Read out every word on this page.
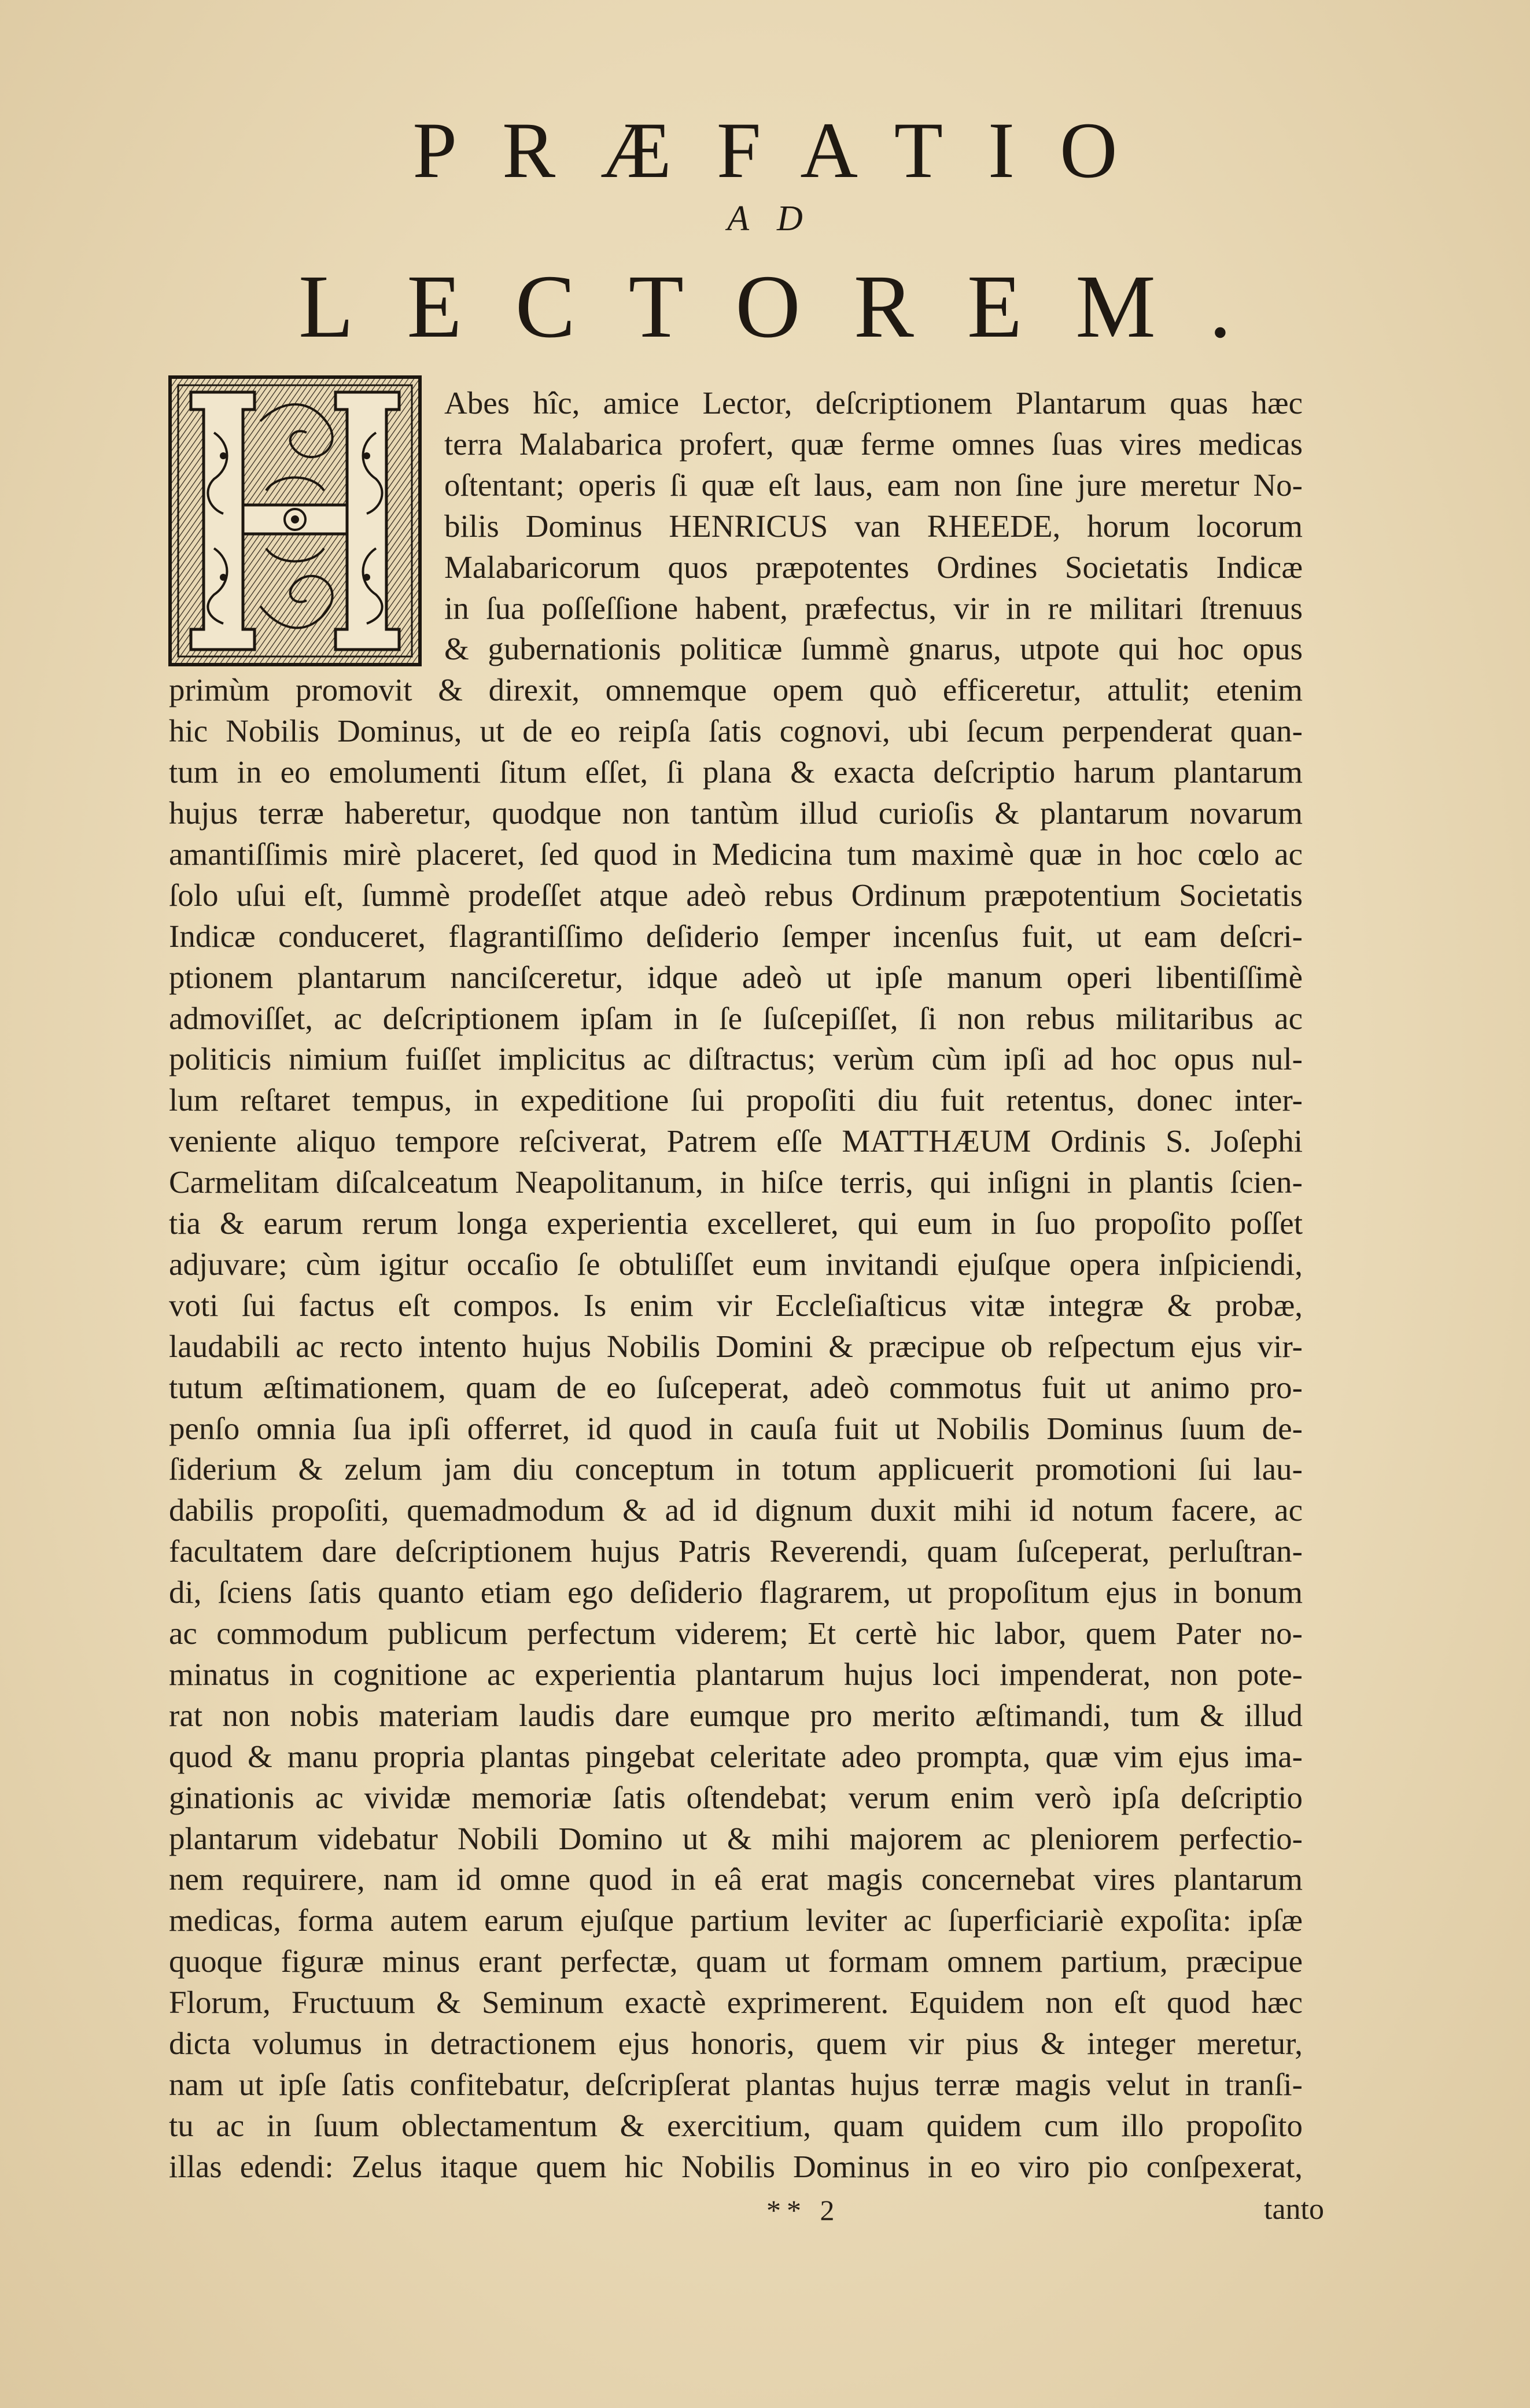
PRÆFATIO
AD
LECTOREM.
Abes hîc, amice Lector, deſcriptionem Plantarum quas hæc
terra Malabarica profert, quæ ferme omnes ſuas vires medicas
oſtentant; operis ſi quæ eſt laus, eam non ſine jure meretur No-
bilis Dominus HENRICUS van RHEEDE, horum locorum
Malabaricorum quos præpotentes Ordines Societatis Indicæ
in ſua poſſeſſione habent, præfectus, vir in re militari ſtrenuus
& gubernationis politicæ ſummè gnarus, utpote qui hoc opus
primùm promovit & direxit, omnemque opem quò efficeretur, attulit; etenim
hic Nobilis Dominus, ut de eo reipſa ſatis cognovi, ubi ſecum perpenderat quan-
tum in eo emolumenti ſitum eſſet, ſi plana & exacta deſcriptio harum plantarum
hujus terræ haberetur, quodque non tantùm illud curioſis & plantarum novarum
amantiſſimis mirè placeret, ſed quod in Medicina tum maximè quæ in hoc cœlo ac
ſolo uſui eſt, ſummè prodeſſet atque adeò rebus Ordinum præpotentium Societatis
Indicæ conduceret, flagrantiſſimo deſiderio ſemper incenſus fuit, ut eam deſcri-
ptionem plantarum nanciſceretur, idque adeò ut ipſe manum operi libentiſſimè
admoviſſet, ac deſcriptionem ipſam in ſe ſuſcepiſſet, ſi non rebus militaribus ac
politicis nimium fuiſſet implicitus ac diſtractus; verùm cùm ipſi ad hoc opus nul-
lum reſtaret tempus, in expeditione ſui propoſiti diu fuit retentus, donec inter-
veniente aliquo tempore reſciverat, Patrem eſſe MATTHÆUM Ordinis S. Joſephi
Carmelitam diſcalceatum Neapolitanum, in hiſce terris, qui inſigni in plantis ſcien-
tia & earum rerum longa experientia excelleret, qui eum in ſuo propoſito poſſet
adjuvare; cùm igitur occaſio ſe obtuliſſet eum invitandi ejuſque opera inſpiciendi,
voti ſui factus eſt compos. Is enim vir Eccleſiaſticus vitæ integræ & probæ,
laudabili ac recto intento hujus Nobilis Domini & præcipue ob reſpectum ejus vir-
tutum æſtimationem, quam de eo ſuſceperat, adeò commotus fuit ut animo pro-
penſo omnia ſua ipſi offerret, id quod in cauſa fuit ut Nobilis Dominus ſuum de-
ſiderium & zelum jam diu conceptum in totum applicuerit promotioni ſui lau-
dabilis propoſiti, quemadmodum & ad id dignum duxit mihi id notum facere, ac
facultatem dare deſcriptionem hujus Patris Reverendi, quam ſuſceperat, perluſtran-
di, ſciens ſatis quanto etiam ego deſiderio flagrarem, ut propoſitum ejus in bonum
ac commodum publicum perfectum viderem; Et certè hic labor, quem Pater no-
minatus in cognitione ac experientia plantarum hujus loci impenderat, non pote-
rat non nobis materiam laudis dare eumque pro merito æſtimandi, tum & illud
quod & manu propria plantas pingebat celeritate adeo prompta, quæ vim ejus ima-
ginationis ac vividæ memoriæ ſatis oſtendebat; verum enim verò ipſa deſcriptio
plantarum videbatur Nobili Domino ut & mihi majorem ac pleniorem perfectio-
nem requirere, nam id omne quod in eâ erat magis concernebat vires plantarum
medicas, forma autem earum ejuſque partium leviter ac ſuperficiariè expoſita: ipſæ
quoque figuræ minus erant perfectæ, quam ut formam omnem partium, præcipue
Florum, Fructuum & Seminum exactè exprimerent. Equidem non eſt quod hæc
dicta volumus in detractionem ejus honoris, quem vir pius & integer meretur,
nam ut ipſe ſatis confitebatur, deſcripſerat plantas hujus terræ magis velut in tranſi-
tu ac in ſuum oblectamentum & exercitium, quam quidem cum illo propoſito
illas edendi: Zelus itaque quem hic Nobilis Dominus in eo viro pio conſpexerat,
** 2	tanto
